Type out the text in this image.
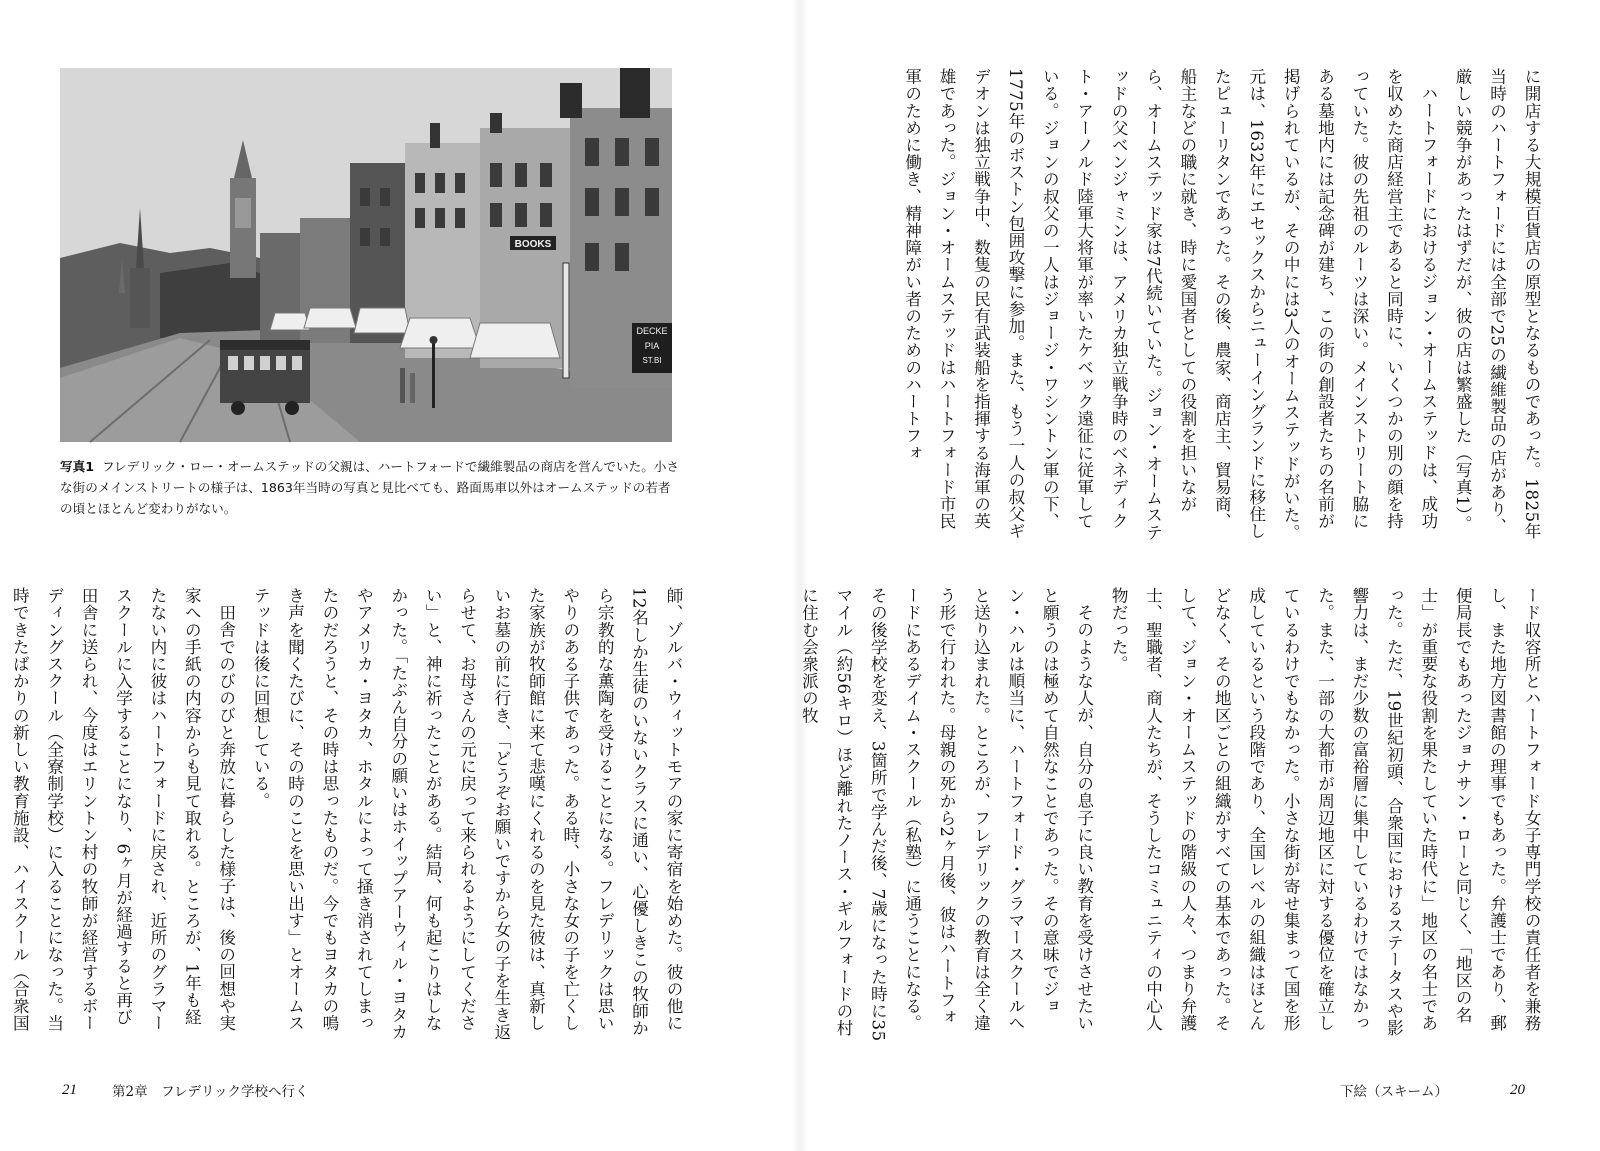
BOOKS
DECKE
PIA
ST.BI
写真1 フレデリック・ロー・オームステッドの父親は、ハートフォードで繊維製品の商店を営んでいた。小さな街のメインストリートの様子は、1863年当時の写真と見比べても、路面馬車以外はオームステッドの若者の頃とほとんど変わりがない。

師、ゾルバ・ウィットモアの家に寄宿を始めた。彼の他に12名しか生徒のいないクラスに通い、心優しきこの牧師から宗教的な薫陶を受けることになる。フレデリックは思いやりのある子供であった。ある時、小さな女の子を亡くした家族が牧師館に来て悲嘆にくれるのを見た彼は、真新しいお墓の前に行き、「どうぞお願いですから女の子を生き返らせて、お母さんの元に戻って来られるようにしてください」と、神に祈ったことがある。結局、何も起こりはしなかった。「たぶん自分の願いはホイップアーウィル・ヨタカやアメリカ・ヨタカ、ホタルによって掻き消されてしまったのだろうと、その時は思ったものだ。今でもヨタカの鳴き声を聞くたびに、その時のことを思い出す」とオームステッドは後に回想している。

田舎でのびのびと奔放に暮らした様子は、後の回想や実家への手紙の内容からも見て取れる。ところが、1年も経たない内に彼はハートフォードに戻され、近所のグラマースクールに入学することになり、6ヶ月が経過すると再び田舎に送られ、今度はエリントン村の牧師が経営するボーディングスクール（全寮制学校）に入ることになった。当時できたばかりの新しい教育施設、ハイスクール（合衆国

21	第2章　フレデリック学校へ行く

に開店する大規模百貨店の原型となるものであった。1825年当時のハートフォードには全部で25の繊維製品の店があり、厳しい競争があったはずだが、彼の店は繁盛した（写真1）。

ハートフォードにおけるジョン・オームステッドは、成功を収めた商店経営主であると同時に、いくつかの別の顔を持っていた。彼の先祖のルーツは深い。メインストリート脇にある墓地内には記念碑が建ち、この街の創設者たちの名前が掲げられているが、その中には3人のオームステッドがいた。元は、1632年にエセックスからニューイングランドに移住したピューリタンであった。その後、農家、商店主、貿易商、船主などの職に就き、時に愛国者としての役割を担いながら、オームステッド家は7代続いていた。ジョン・オームステッドの父ベンジャミンは、アメリカ独立戦争時のベネディクト・アーノルド陸軍大将軍が率いたケベック遠征に従軍している。ジョンの叔父の一人はジョージ・ワシントン軍の下、1775年のボストン包囲攻撃に参加。また、もう一人の叔父ギデオンは独立戦争中、数隻の民有武装船を指揮する海軍の英雄であった。ジョン・オームステッドはハートフォード市民軍のために働き、精神障がい者のためのハートフォ

ード収容所とハートフォード女子専門学校の責任者を兼務し、また地方図書館の理事でもあった。弁護士であり、郵便局長でもあったジョナサン・ローと同じく、「地区の名士」が重要な役割を果たしていた時代に」地区の名士であった。ただ、19世紀初頭、合衆国におけるステータスや影響力は、まだ少数の富裕層に集中しているわけではなかった。また、一部の大都市が周辺地区に対する優位を確立しているわけでもなかった。小さな街が寄せ集まって国を形成しているという段階であり、全国レベルの組織はほとんどなく、その地区ごとの組織がすべての基本であった。そして、ジョン・オームステッドの階級の人々、つまり弁護士、聖職者、商人たちが、そうしたコミュニティの中心人物だった。

そのような人が、自分の息子に良い教育を受けさせたいと願うのは極めて自然なことであった。その意味でジョン・ハルは順当に、ハートフォード・グラマースクールへと送り込まれた。ところが、フレデリックの教育は全く違う形で行われた。母親の死から2ヶ月後、彼はハートフォードにあるデイム・スクール（私塾）に通うことになる。その後学校を変え、3箇所で学んだ後、7歳になった時に35マイル（約56キロ）ほど離れたノース・ギルフォードの村に住む会衆派の牧

下絵（スキーム）	20
